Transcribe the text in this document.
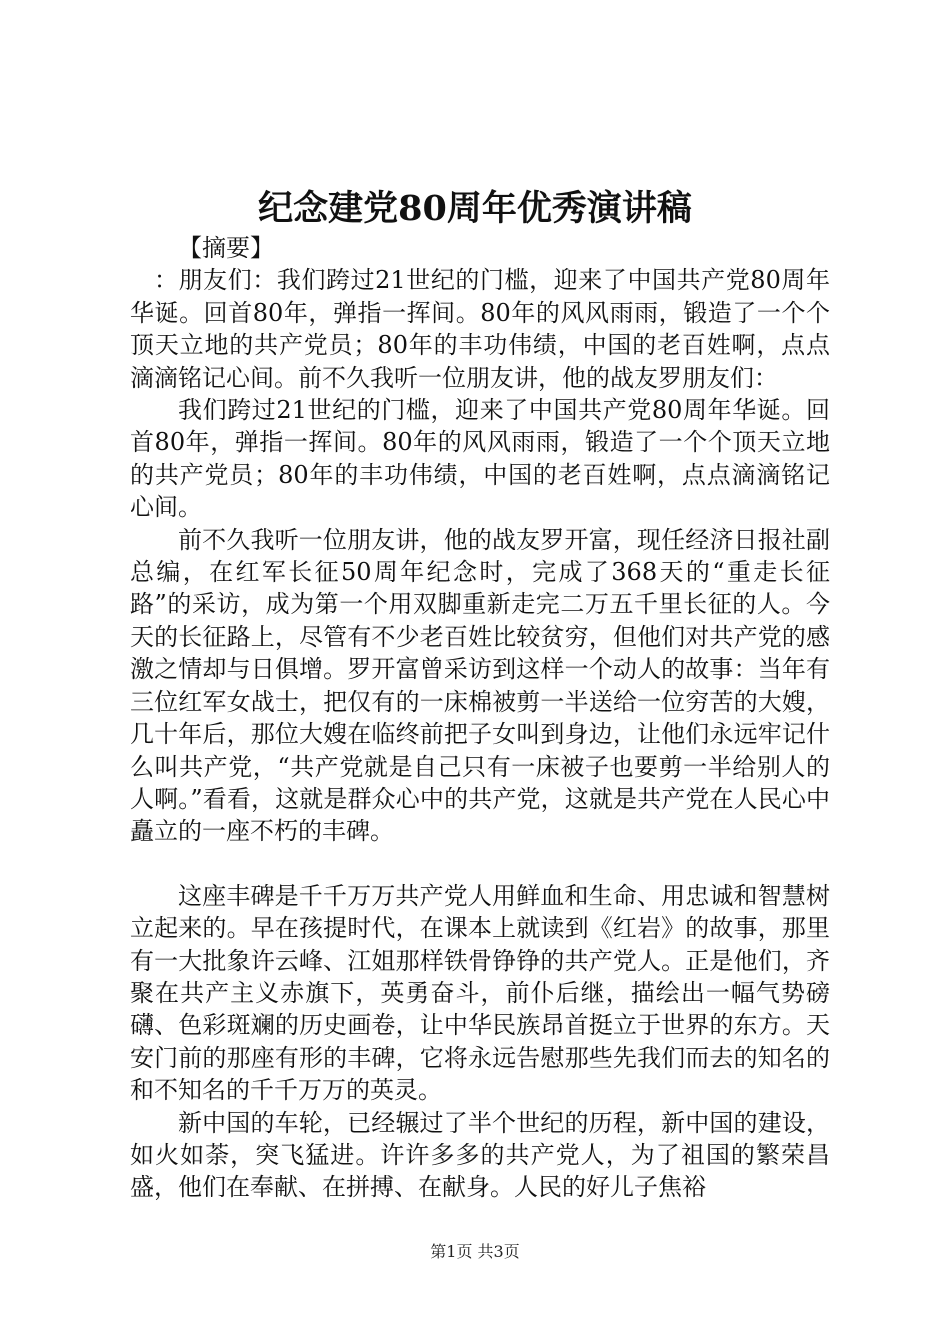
纪念建党80周年优秀演讲稿

【摘要】

：朋友们：我们跨过21世纪的门槛，迎来了中国共产党80周年华诞。回首80年，弹指一挥间。80年的风风雨雨，锻造了一个个顶天立地的共产党员；80年的丰功伟绩，中国的老百姓啊，点点滴滴铭记心间。前不久我听一位朋友讲，他的战友罗朋友们：

我们跨过21世纪的门槛，迎来了中国共产党80周年华诞。回首80年，弹指一挥间。80年的风风雨雨，锻造了一个个顶天立地的共产党员；80年的丰功伟绩，中国的老百姓啊，点点滴滴铭记心间。

前不久我听一位朋友讲，他的战友罗开富，现任经济日报社副总编，在红军长征50周年纪念时，完成了368天的“重走长征路”的采访，成为第一个用双脚重新走完二万五千里长征的人。今天的长征路上，尽管有不少老百姓比较贫穷，但他们对共产党的感激之情却与日俱增。罗开富曾采访到这样一个动人的故事：当年有三位红军女战士，把仅有的一床棉被剪一半送给一位穷苦的大嫂，几十年后，那位大嫂在临终前把子女叫到身边，让他们永远牢记什么叫共产党，“共产党就是自己只有一床被子也要剪一半给别人的人啊。”看看，这就是群众心中的共产党，这就是共产党在人民心中矗立的一座不朽的丰碑。

这座丰碑是千千万万共产党人用鲜血和生命、用忠诚和智慧树立起来的。早在孩提时代，在课本上就读到《红岩》的故事，那里有一大批象许云峰、江姐那样铁骨铮铮的共产党人。正是他们，齐聚在共产主义赤旗下，英勇奋斗，前仆后继，描绘出一幅气势磅礴、色彩斑斓的历史画卷，让中华民族昂首挺立于世界的东方。天安门前的那座有形的丰碑，它将永远告慰那些先我们而去的知名的和不知名的千千万万的英灵。

新中国的车轮，已经辗过了半个世纪的历程，新中国的建设，如火如荼，突飞猛进。许许多多的共产党人，为了祖国的繁荣昌盛，他们在奉献、在拼搏、在献身。人民的好儿子焦裕

第1页 共3页
